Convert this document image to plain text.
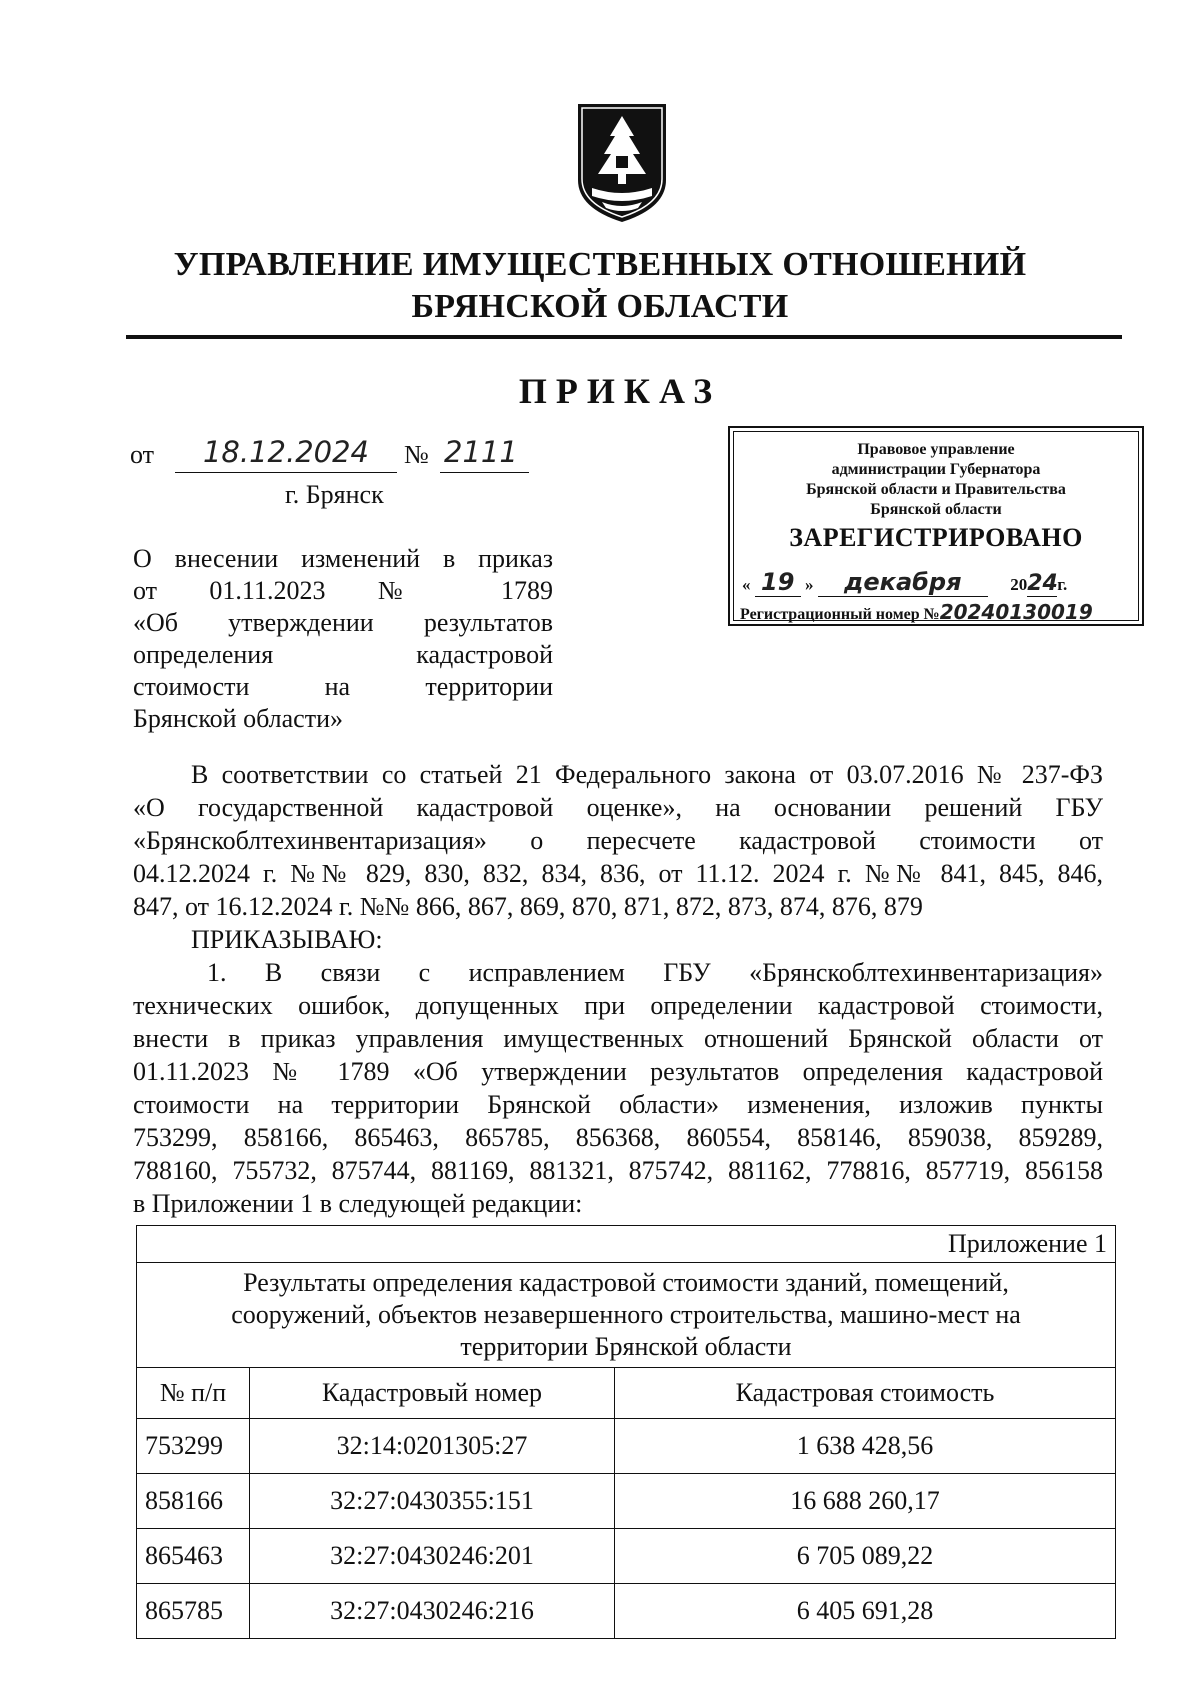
УПРАВЛЕНИЕ ИМУЩЕСТВЕННЫХ ОТНОШЕНИЙ
БРЯНСКОЙ ОБЛАСТИ
ПРИКАЗ
от	18.12.2024	№ 2111
г. Брянск
Правовое управление
администрации Губернатора
Брянской области и Правительства
Брянской области
ЗАРЕГИСТРИРОВАНО
« 19 » декабря	2024г.
Регистрационный номер №20240130019
О внесении изменений в приказ
от 01.11.2023 № 1789
«Об утверждении результатов
определения кадастровой
стоимости на территории
Брянской области»
В соответствии со статьей 21 Федерального закона от 03.07.2016 № 237-ФЗ
«О государственной кадастровой оценке», на основании решений ГБУ
«Брянскоблтехинвентаризация» о пересчете кадастровой стоимости от
04.12.2024 г. №№ 829, 830, 832, 834, 836, от 11.12. 2024 г. №№ 841, 845, 846,
847, от 16.12.2024 г. №№ 866, 867, 869, 870, 871, 872, 873, 874, 876, 879
ПРИКАЗЫВАЮ:
1. В связи с исправлением ГБУ «Брянскоблтехинвентаризация»
технических ошибок, допущенных при определении кадастровой стоимости,
внести в приказ управления имущественных отношений Брянской области от
01.11.2023 № 1789 «Об утверждении результатов определения кадастровой
стоимости на территории Брянской области» изменения, изложив пункты
753299, 858166, 865463, 865785, 856368, 860554, 858146, 859038, 859289,
788160, 755732, 875744, 881169, 881321, 875742, 881162, 778816, 857719, 856158
в Приложении 1 в следующей редакции:
Приложение 1		

Результаты определения кадастровой стоимости зданий, помещений,
сооружений, объектов незавершенного строительства, машино-мест на
территории Брянской области		

№ п/п	Кадастровый номер	Кадастровая стоимость
753299	32:14:0201305:27	1 638 428,56
858166	32:27:0430355:151	16 688 260,17
865463	32:27:0430246:201	6 705 089,22
865785	32:27:0430246:216	6 405 691,28
